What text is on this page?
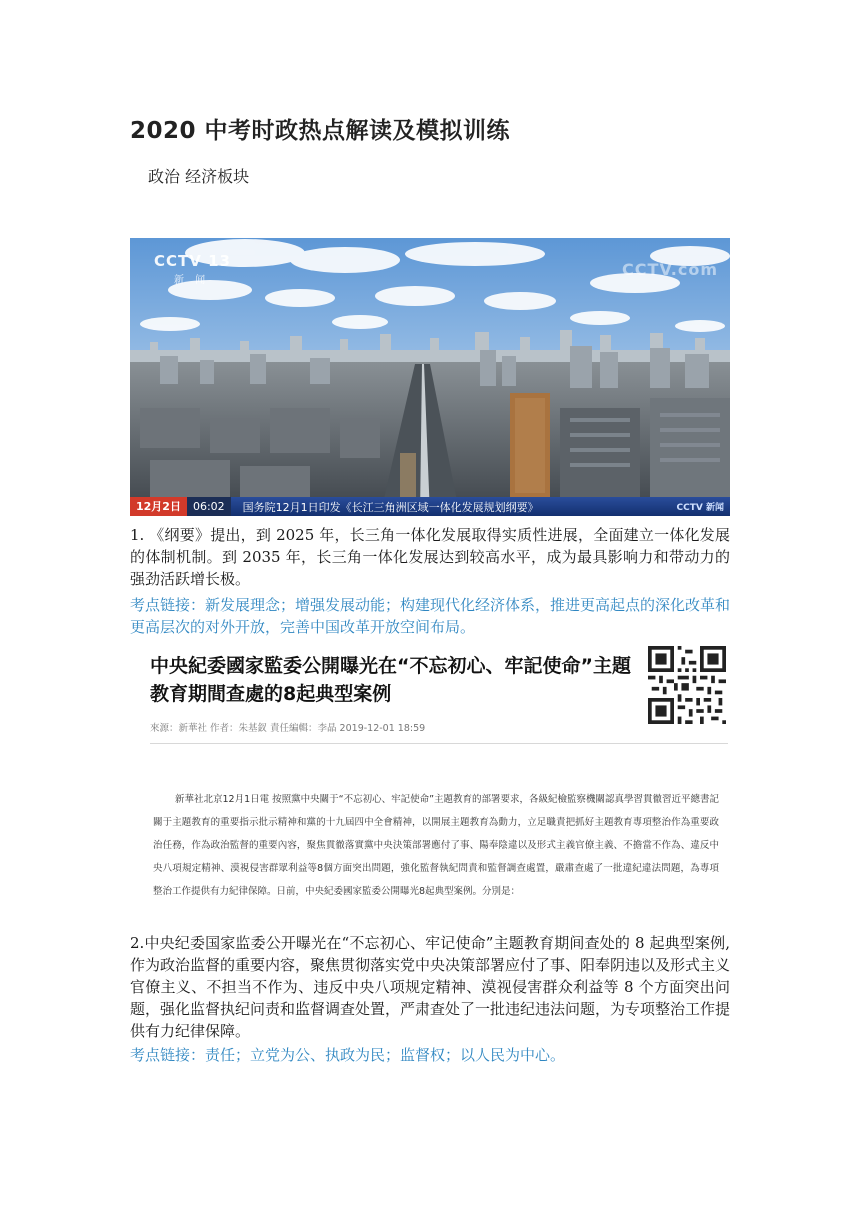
2020 中考时政热点解读及模拟训练
政治 经济板块
CCTV 13
新 闻
CCTV.com
12月2日	06:02	国务院12月1日印发《长江三角洲区域一体化发展规划纲要》	CCTV 新闻
1. 《纲要》提出，到 2025 年，长三角一体化发展取得实质性进展，全面建立一体化发展的体制机制。到 2035 年，长三角一体化发展达到较高水平，成为最具影响力和带动力的强劲活跃增长极。
考点链接：新发展理念；增强发展动能；构建现代化经济体系，推进更高起点的深化改革和更高层次的对外开放，完善中国改革开放空间布局。
中央紀委國家監委公開曝光在“不忘初心、牢記使命”主題教育期間查處的8起典型案例
來源：新華社 作者：朱基釵 責任編輯：李晶 2019-12-01 18:59
新華社北京12月1日電 按照黨中央關于“不忘初心、牢記使命”主題教育的部署要求，各級紀檢監察機關認真學習貫徹習近平總書記關于主題教育的重要指示批示精神和黨的十九屆四中全會精神，以開展主題教育為動力，立足職責把抓好主題教育專項整治作為重要政治任務，作為政治監督的重要內容，聚焦貫徹落實黨中央決策部署應付了事、陽奉陰違以及形式主義官僚主義、不擔當不作為、違反中央八項規定精神、漠視侵害群眾利益等8個方面突出問題，強化監督執紀問責和監督調查處置，嚴肅查處了一批違紀違法問題，為專項整治工作提供有力紀律保障。日前，中央紀委國家監委公開曝光8起典型案例。分別是：
2.中央纪委国家监委公开曝光在“不忘初心、牢记使命”主题教育期间查处的 8 起典型案例,作为政治监督的重要内容，聚焦贯彻落实党中央决策部署应付了事、阳奉阴违以及形式主义官僚主义、不担当不作为、违反中央八项规定精神、漠视侵害群众利益等 8 个方面突出问题，强化监督执纪问责和监督调查处置，严肃查处了一批违纪违法问题，为专项整治工作提供有力纪律保障。
考点链接：责任；立党为公、执政为民；监督权；以人民为中心。
